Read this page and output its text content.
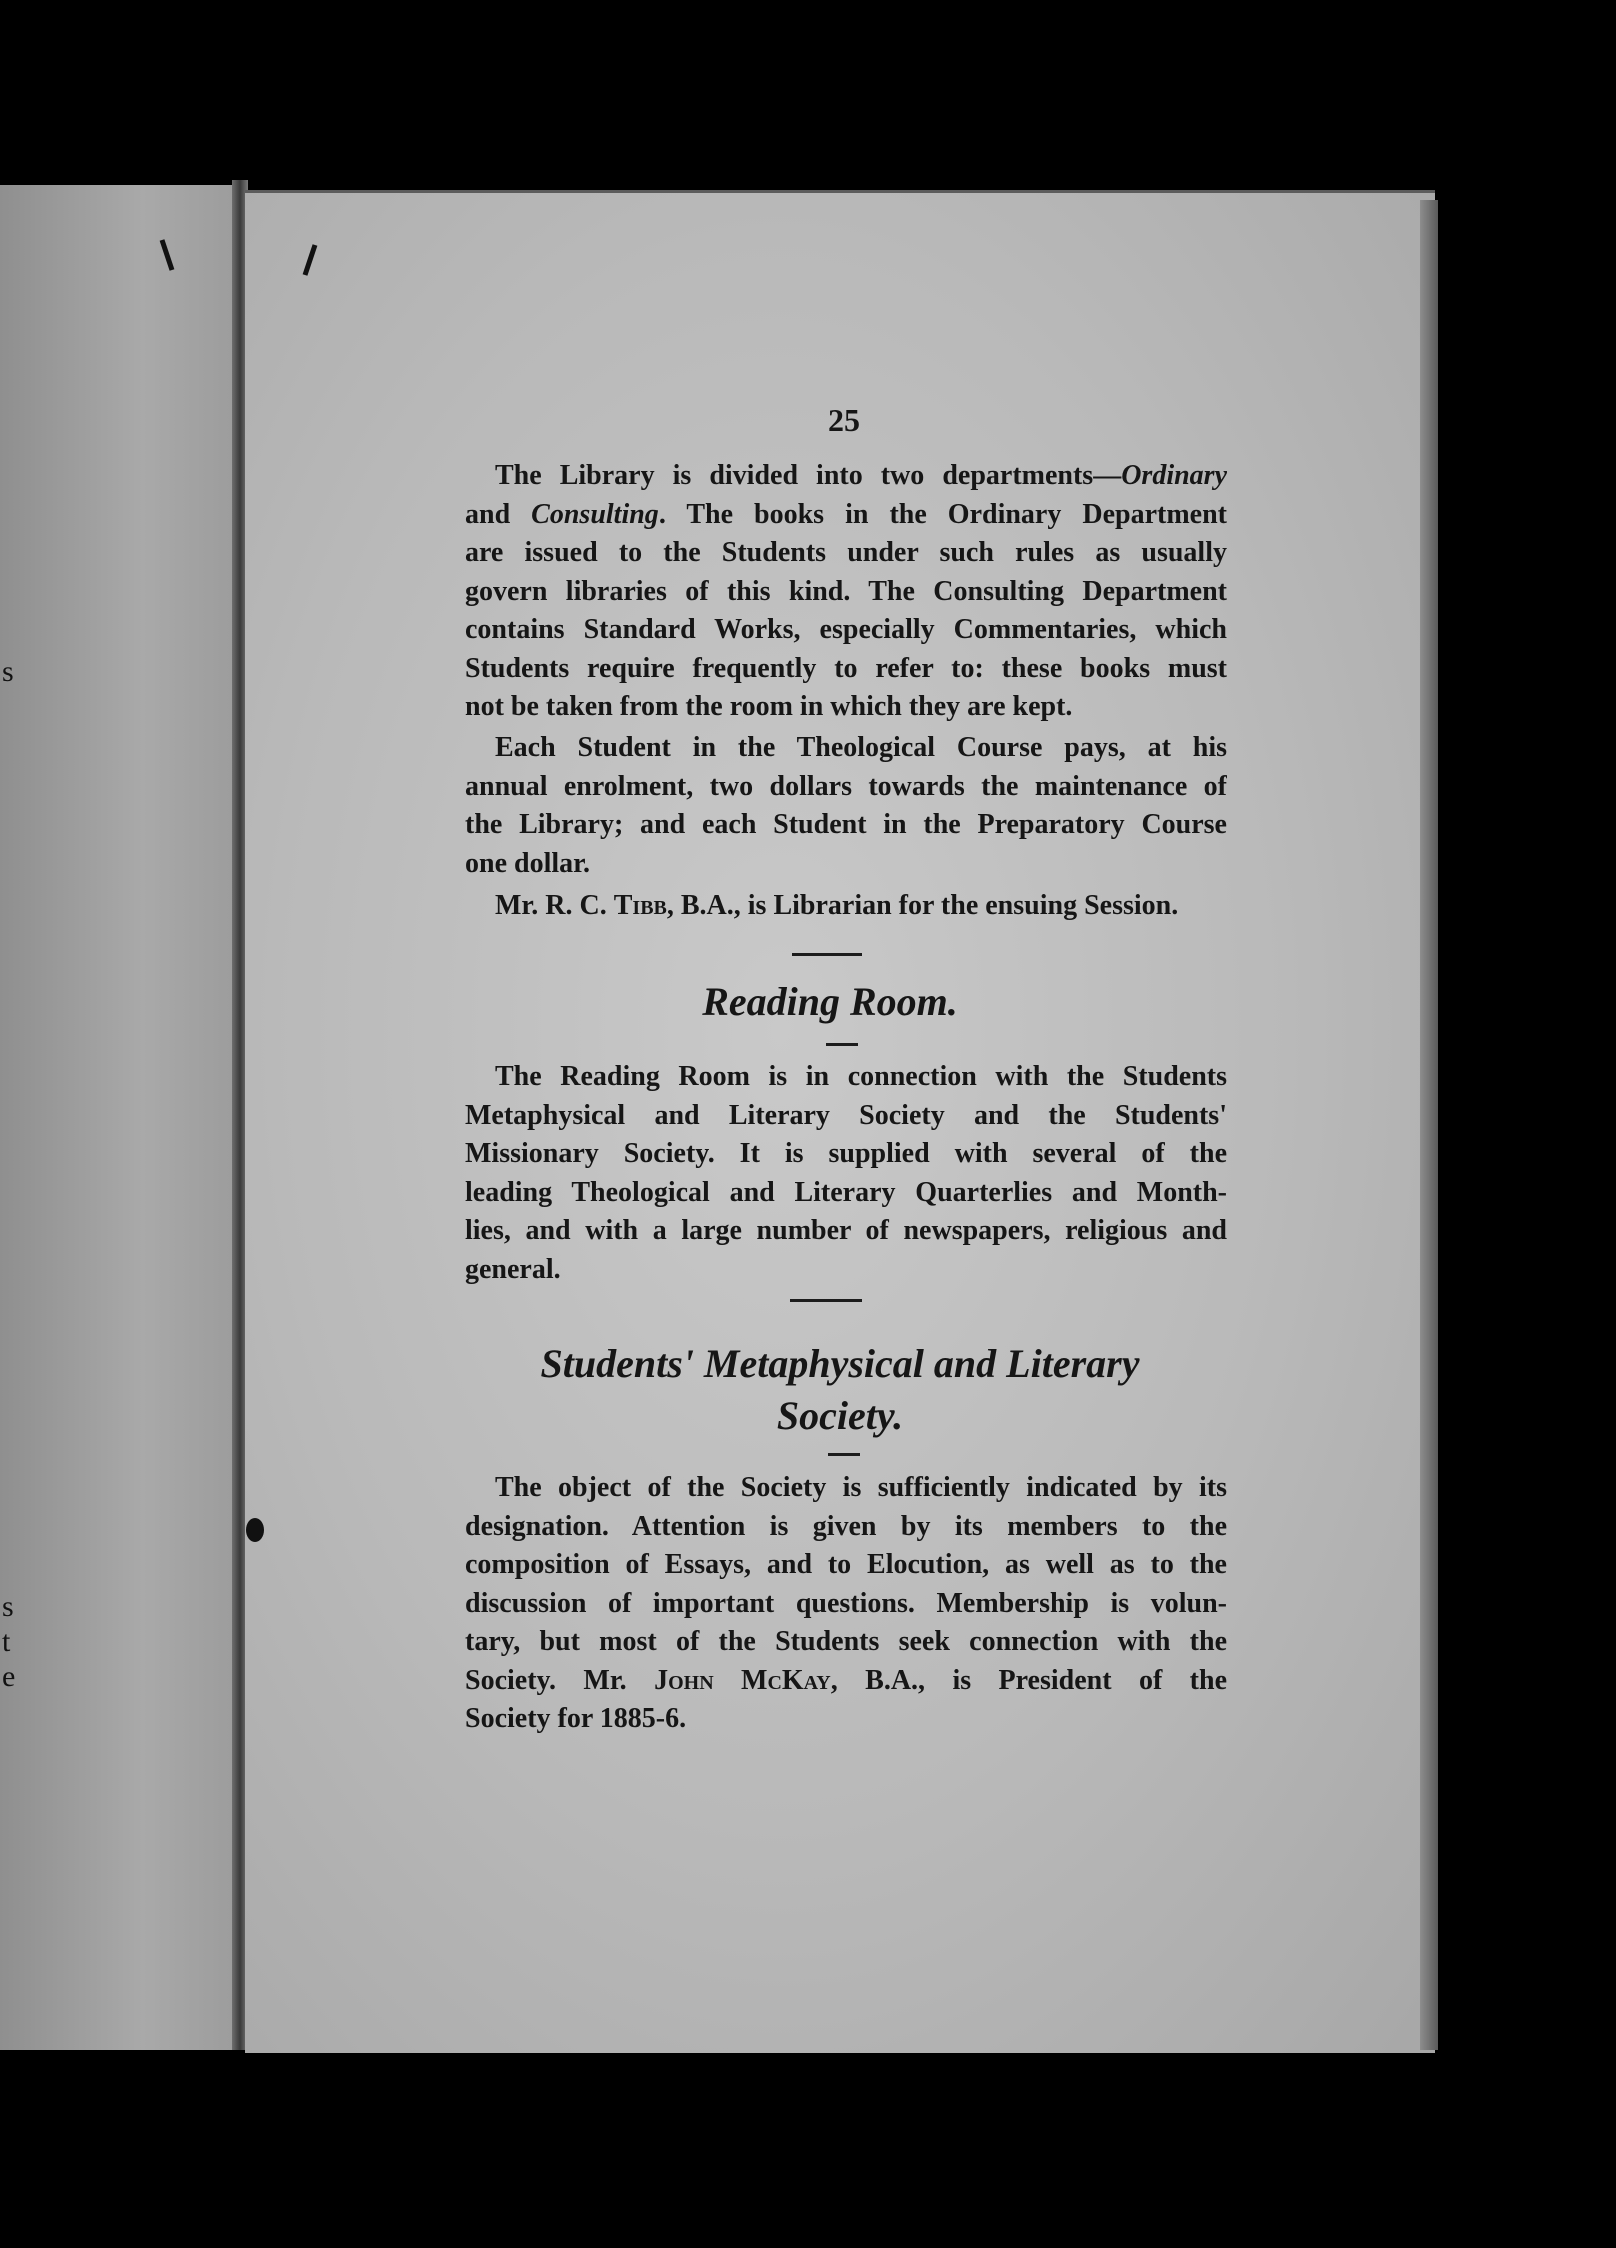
s
s
t
e
25
The Library is divided into two departments—Ordinary
and Consulting. The books in the Ordinary Department
are issued to the Students under such rules as usually
govern libraries of this kind. The Consulting Department
contains Standard Works, especially Commentaries, which
Students require frequently to refer to: these books must
not be taken from the room in which they are kept.
Each Student in the Theological Course pays, at his
annual enrolment, two dollars towards the maintenance of
the Library; and each Student in the Preparatory Course
one dollar.
Mr. R. C. Tibb, B.A., is Librarian for the ensuing Session.
Reading Room.
The Reading Room is in connection with the Students
Metaphysical and Literary Society and the Students'
Missionary Society. It is supplied with several of the
leading Theological and Literary Quarterlies and Month-
lies, and with a large number of newspapers, religious and
general.
Students' Metaphysical and Literary
Society.
The object of the Society is sufficiently indicated by its
designation. Attention is given by its members to the
composition of Essays, and to Elocution, as well as to the
discussion of important questions. Membership is volun-
tary, but most of the Students seek connection with the
Society. Mr. John McKay, B.A., is President of the
Society for 1885-6.
